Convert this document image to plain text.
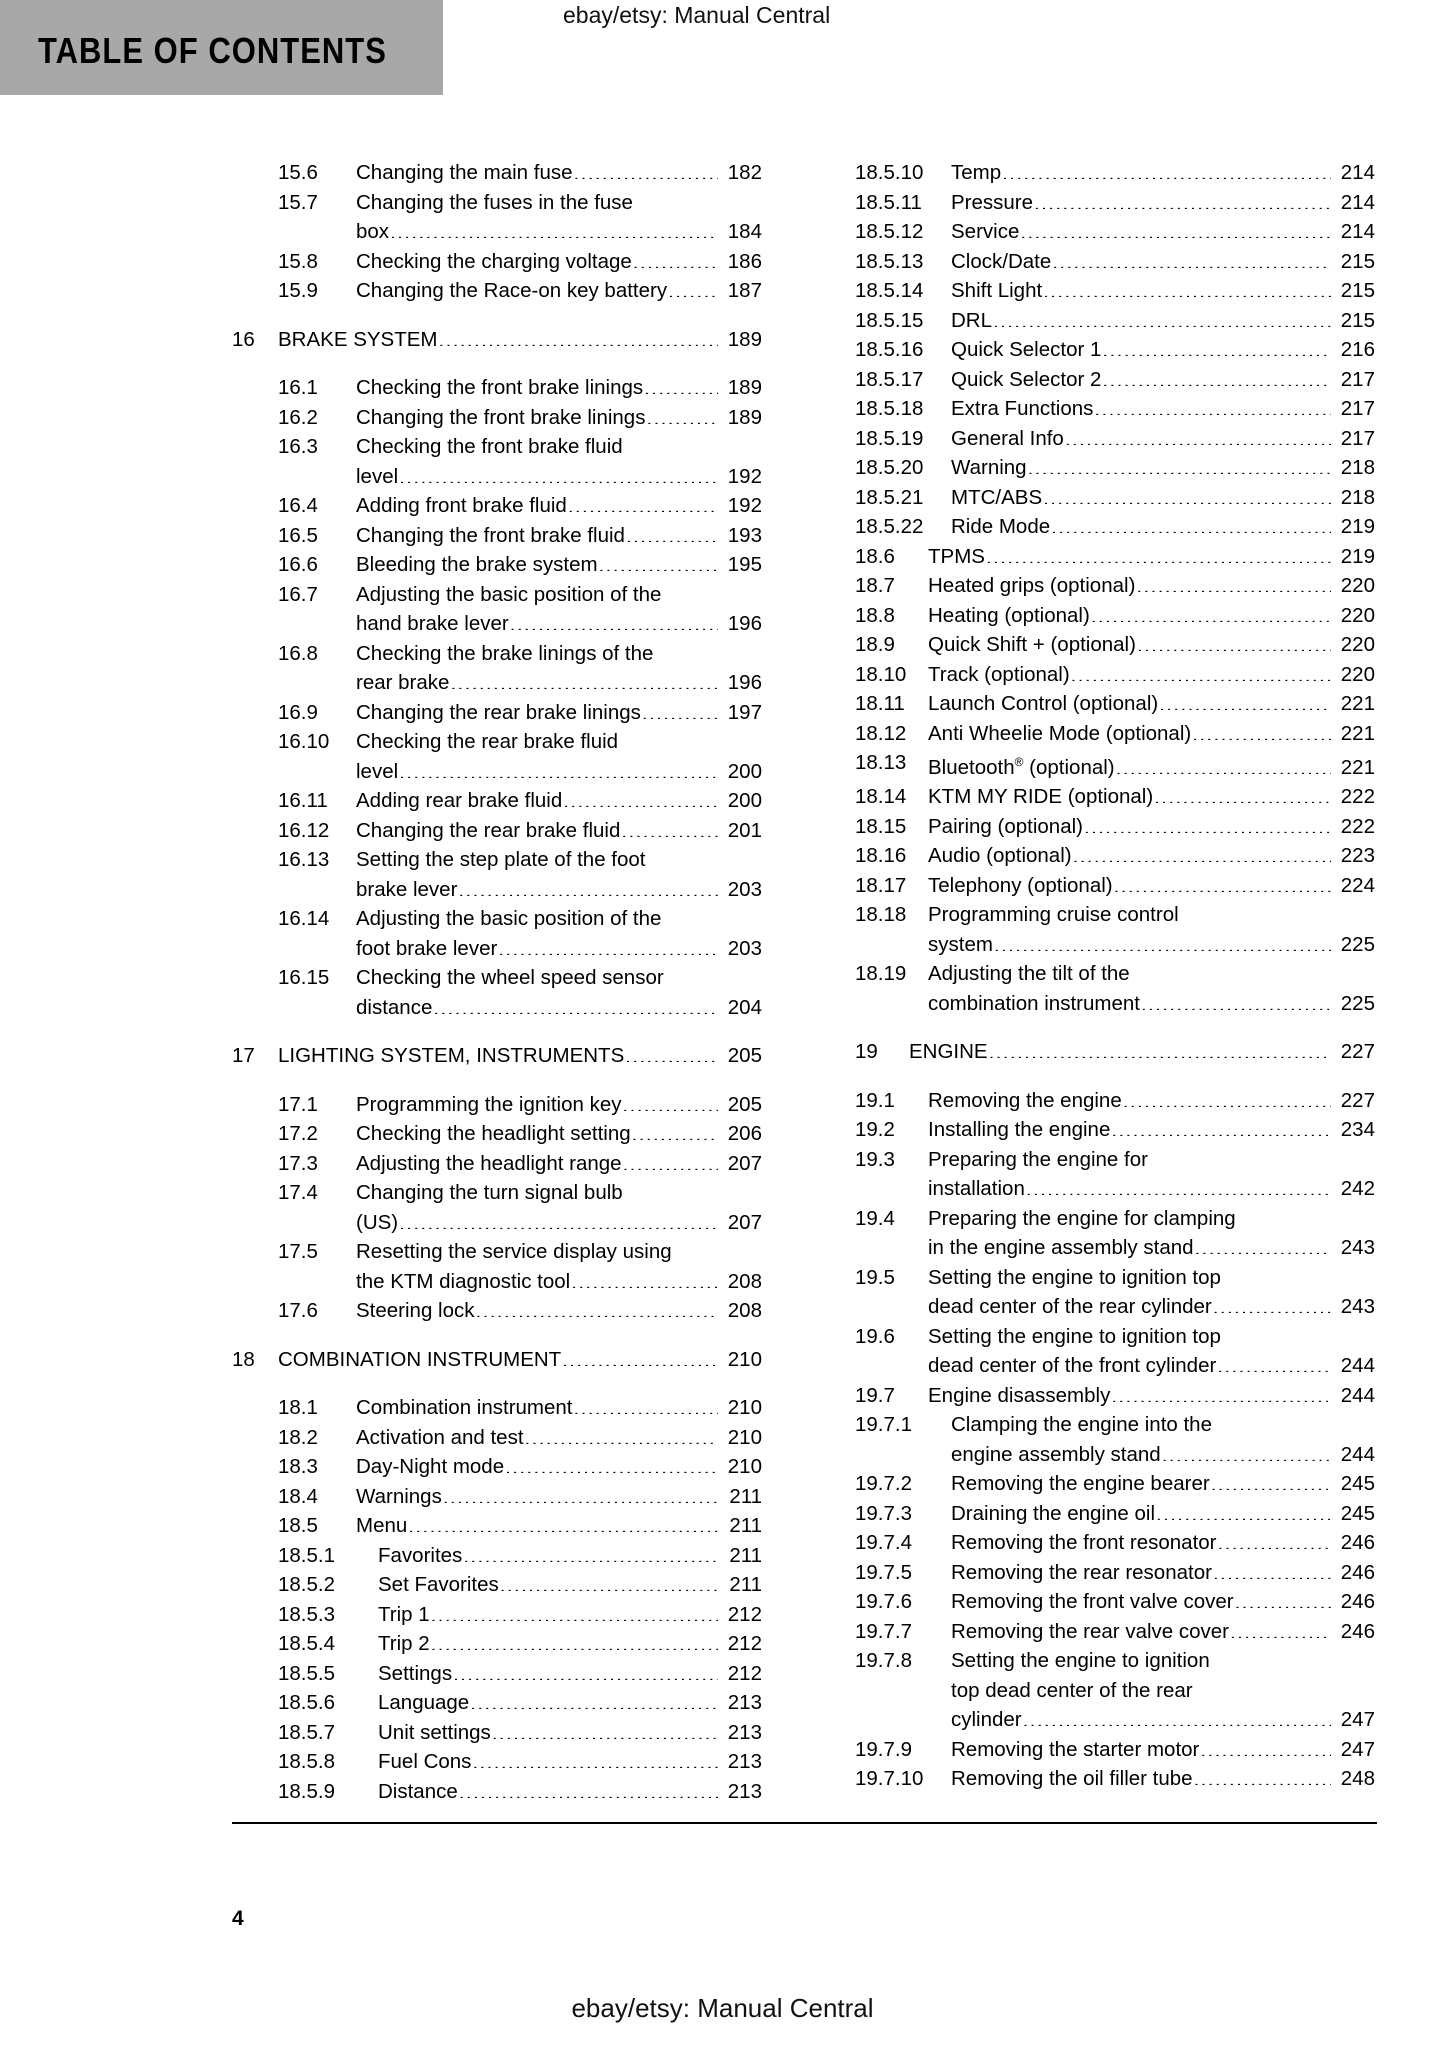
TABLE OF CONTENTS
ebay/etsy: Manual Central
15.6	Changing the main fuse .....	182
15.7	Changing the fuses in the fuse
box .....	184
15.8	Checking the charging voltage .....	186
15.9	Changing the Race-on key battery .....	187
16	BRAKE SYSTEM .....	189
16.1	Checking the front brake linings .....	189
16.2	Changing the front brake linings .....	189
16.3	Checking the front brake fluid
level .....	192
16.4	Adding front brake fluid .....	192
16.5	Changing the front brake fluid .....	193
16.6	Bleeding the brake system .....	195
16.7	Adjusting the basic position of the
hand brake lever .....	196
16.8	Checking the brake linings of the
rear brake .....	196
16.9	Changing the rear brake linings .....	197
16.10	Checking the rear brake fluid
level .....	200
16.11	Adding rear brake fluid .....	200
16.12	Changing the rear brake fluid .....	201
16.13	Setting the step plate of the foot
brake lever .....	203
16.14	Adjusting the basic position of the
foot brake lever .....	203
16.15	Checking the wheel speed sensor
distance .....	204
17	LIGHTING SYSTEM, INSTRUMENTS .....	205
17.1	Programming the ignition key .....	205
17.2	Checking the headlight setting .....	206
17.3	Adjusting the headlight range .....	207
17.4	Changing the turn signal bulb
(US) .....	207
17.5	Resetting the service display using
the KTM diagnostic tool .....	208
17.6	Steering lock .....	208
18	COMBINATION INSTRUMENT .....	210
18.1	Combination instrument .....	210
18.2	Activation and test .....	210
18.3	Day-Night mode .....	210
18.4	Warnings .....	211
18.5	Menu .....	211
18.5.1	Favorites .....	211
18.5.2	Set Favorites .....	211
18.5.3	Trip 1 .....	212
18.5.4	Trip 2 .....	212
18.5.5	Settings .....	212
18.5.6	Language .....	213
18.5.7	Unit settings .....	213
18.5.8	Fuel Cons .....	213
18.5.9	Distance .....	213
18.5.10	Temp .....	214
18.5.11	Pressure .....	214
18.5.12	Service .....	214
18.5.13	Clock/Date .....	215
18.5.14	Shift Light .....	215
18.5.15	DRL .....	215
18.5.16	Quick Selector 1 .....	216
18.5.17	Quick Selector 2 .....	217
18.5.18	Extra Functions .....	217
18.5.19	General Info .....	217
18.5.20	Warning .....	218
18.5.21	MTC/ABS .....	218
18.5.22	Ride Mode .....	219
18.6	TPMS .....	219
18.7	Heated grips (optional) .....	220
18.8	Heating (optional) .....	220
18.9	Quick Shift + (optional) .....	220
18.10	Track (optional) .....	220
18.11	Launch Control (optional) .....	221
18.12	Anti Wheelie Mode (optional) .....	221
18.13	Bluetooth® (optional) .....	221
18.14	KTM MY RIDE (optional) .....	222
18.15	Pairing (optional) .....	222
18.16	Audio (optional) .....	223
18.17	Telephony (optional) .....	224
18.18	Programming cruise control
system .....	225
18.19	Adjusting the tilt of the
combination instrument .....	225
19	ENGINE .....	227
19.1	Removing the engine .....	227
19.2	Installing the engine .....	234
19.3	Preparing the engine for
installation .....	242
19.4	Preparing the engine for clamping
in the engine assembly stand .....	243
19.5	Setting the engine to ignition top
dead center of the rear cylinder .....	243
19.6	Setting the engine to ignition top
dead center of the front cylinder .....	244
19.7	Engine disassembly .....	244
19.7.1	Clamping the engine into the
engine assembly stand .....	244
19.7.2	Removing the engine bearer .....	245
19.7.3	Draining the engine oil .....	245
19.7.4	Removing the front resonator .....	246
19.7.5	Removing the rear resonator .....	246
19.7.6	Removing the front valve cover .....	246
19.7.7	Removing the rear valve cover .....	246
19.7.8	Setting the engine to ignition
top dead center of the rear
cylinder .....	247
19.7.9	Removing the starter motor .....	247
19.7.10	Removing the oil filler tube .....	248
4
ebay/etsy: Manual Central
